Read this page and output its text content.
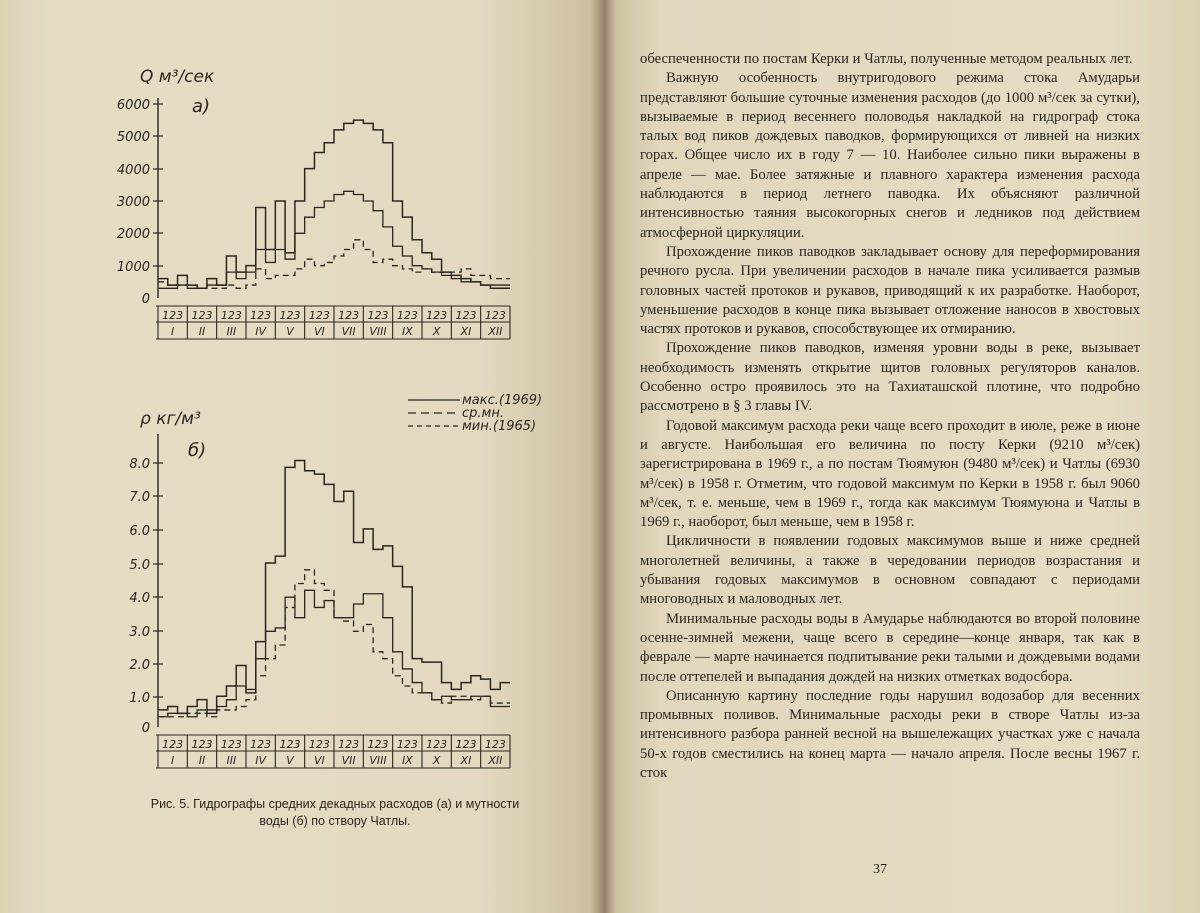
Q м³/сек
а)
6000
5000
4000
3000
2000
1000
0
123 123 123 123 123 123 123 123 123 123 123 123
I II III IV V VI VII VIII IX X XI XII
макс.(1969)
ср.мн.
мин.(1965)
ρ кг/м³
б)
8.0
7.0
6.0
5.0
4.0
3.0
2.0
1.0
0
123 123 123 123 123 123 123 123 123 123 123 123
I II III IV V VI VII VIII IX X XI XII
Рис. 5. Гидрографы средних декадных расходов (а) и мутности
воды (б) по створу Чатлы.

обеспеченности по постам Керки и Чатлы, полученные методом реальных лет.

Важную особенность внутригодового режима стока Амударьи представляют большие суточные изменения расходов (до 1000 м³/сек за сутки), вызываемые в период весеннего половодья накладкой на гидрограф стока талых вод пиков дождевых паводков, формирующихся от ливней на низких горах. Общее число их в году 7 — 10. Наиболее сильно пики выражены в апреле — мае. Более затяжные и плавного характера изменения расхода наблюдаются в период летнего паводка. Их объясняют различной интенсивностью таяния высокогорных снегов и ледников под действием атмосферной циркуляции.

Прохождение пиков паводков закладывает основу для переформирования речного русла. При увеличении расходов в начале пика усиливается размыв головных частей протоков и рукавов, приводящий к их разработке. Наоборот, уменьшение расходов в конце пика вызывает отложение наносов в хвостовых частях протоков и рукавов, способствующее их отмиранию.

Прохождение пиков паводков, изменяя уровни воды в реке, вызывает необходимость изменять открытие щитов головных регуляторов каналов. Особенно остро проявилось это на Тахиаташской плотине, что подробно рассмотрено в § 3 главы IV.

Годовой максимум расхода реки чаще всего проходит в июле, реже в июне и августе. Наибольшая его величина по посту Керки (9210 м³/сек) зарегистрирована в 1969 г., а по постам Тюямуюн (9480 м³/сек) и Чатлы (6930 м³/сек) в 1958 г. Отметим, что годовой максимум по Керки в 1958 г. был 9060 м³/сек, т. е. меньше, чем в 1969 г., тогда как максимум Тюямуюна и Чатлы в 1969 г., наоборот, был меньше, чем в 1958 г.

Цикличности в появлении годовых максимумов выше и ниже средней многолетней величины, а также в чередовании периодов возрастания и убывания годовых максимумов в основном совпадают с периодами многоводных и маловодных лет.

Минимальные расходы воды в Амударье наблюдаются во второй половине осенне-зимней межени, чаще всего в середине—конце января, так как в феврале — марте начинается подпитывание реки талыми и дождевыми водами после оттепелей и выпадания дождей на низких отметках водосбора.

Описанную картину последние годы нарушил водозабор для весенних промывных поливов. Минимальные расходы реки в створе Чатлы из-за интенсивного разбора ранней весной на вышележащих участках уже с начала 50-х годов сместились на конец марта — начало апреля. После весны 1967 г. сток

37
